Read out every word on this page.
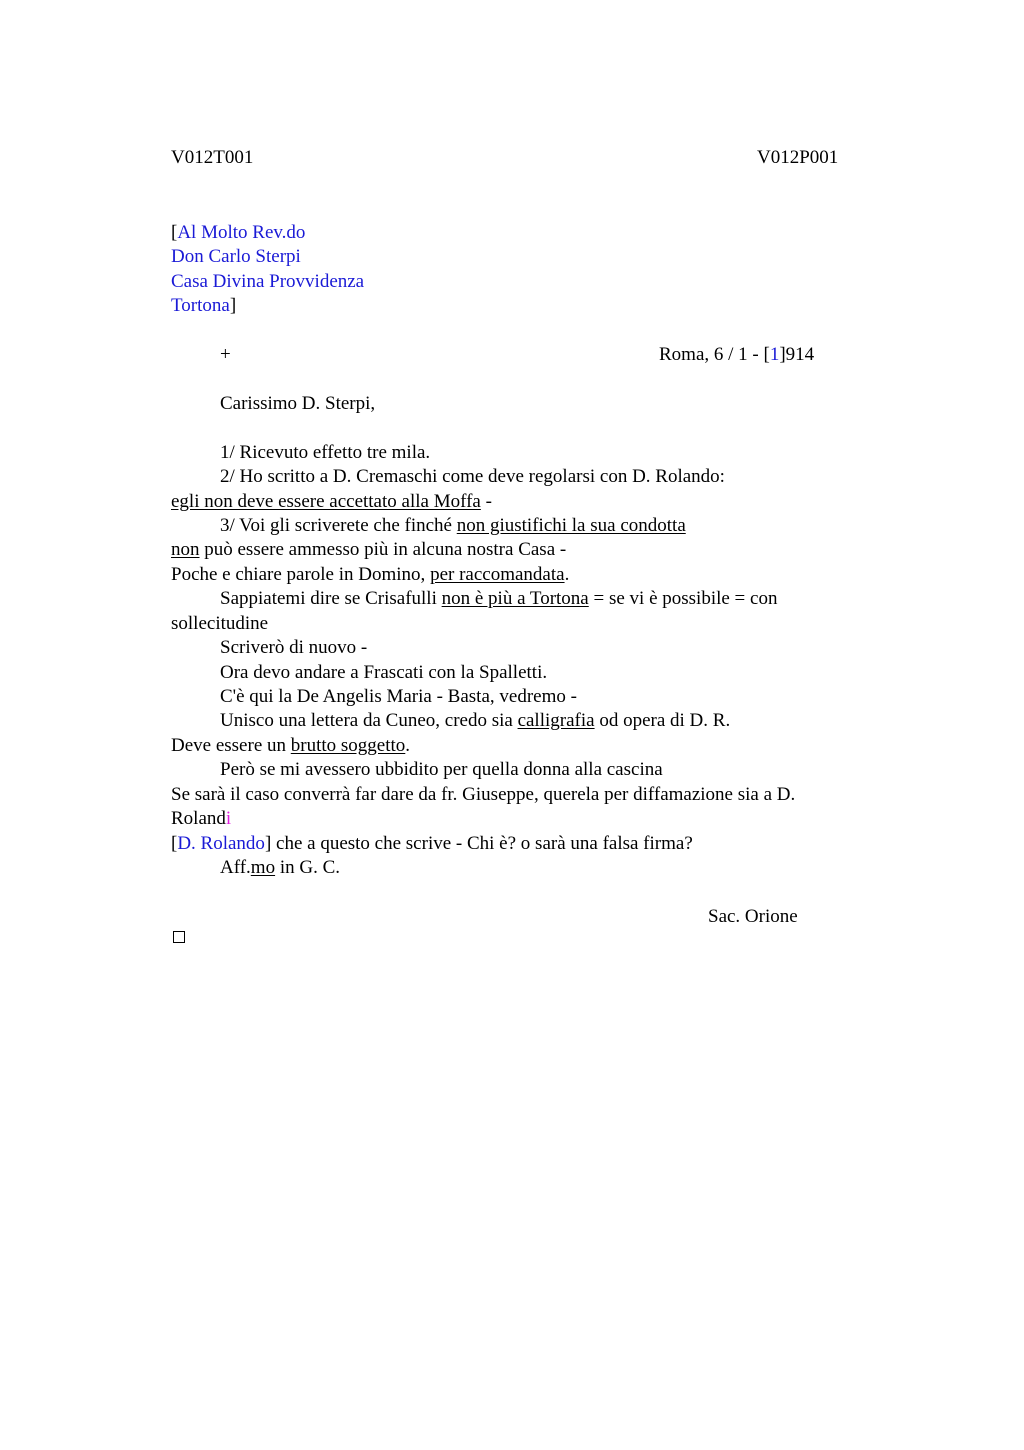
V012T001	V012P001
[Al Molto Rev.do
Don Carlo Sterpi
Casa Divina Provvidenza
Tortona]
+	Roma, 6 / 1 - [1]914
Carissimo D. Sterpi,
1/ Ricevuto effetto tre mila.
2/ Ho scritto a D. Cremaschi come deve regolarsi con D. Rolando:
egli non deve essere accettato alla Moffa -
3/ Voi gli scriverete che finché non giustifichi la sua condotta
non può essere ammesso più in alcuna nostra Casa -
Poche e chiare parole in Domino, per raccomandata.
Sappiatemi dire se Crisafulli non è più a Tortona = se vi è possibile = con
sollecitudine
Scriverò di nuovo -
Ora devo andare a Frascati con la Spalletti.
C'è qui la De Angelis Maria - Basta, vedremo -
Unisco una lettera da Cuneo, credo sia calligrafia od opera di D. R.
Deve essere un brutto soggetto.
Però se mi avessero ubbidito per quella donna alla cascina
Se sarà il caso converrà far dare da fr. Giuseppe, querela per diffamazione sia a D.
Rolandi
[D. Rolando] che a questo che scrive - Chi è? o sarà una falsa firma?
Aff.mo in G. C.
Sac. Orione
